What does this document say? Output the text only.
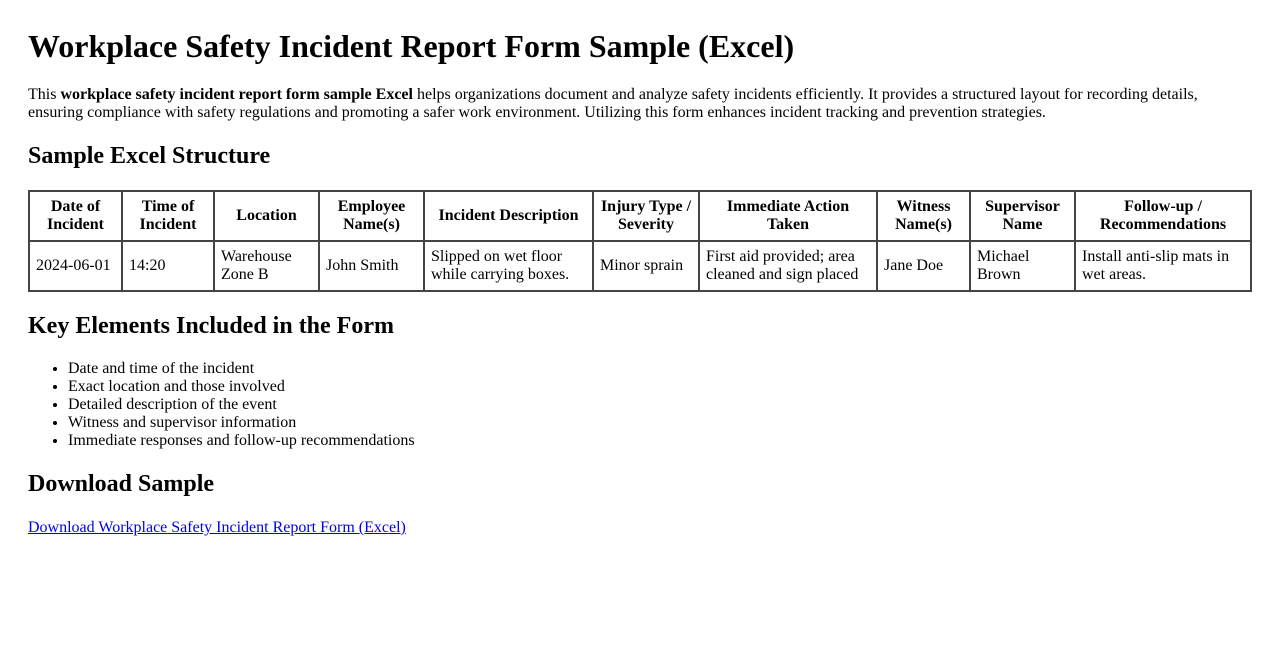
Workplace Safety Incident Report Form Sample (Excel)

This workplace safety incident report form sample Excel helps organizations document and analyze safety incidents efficiently. It provides a structured layout for recording details, ensuring compliance with safety regulations and promoting a safer work environment. Utilizing this form enhances incident tracking and prevention strategies.

Sample Excel Structure
Date of Incident	Time of Incident	Location	Employee Name(s)	Incident Description	Injury Type / Severity	Immediate Action Taken	Witness Name(s)	Supervisor Name	Follow-up / Recommendations
2024-06-01	14:20	Warehouse Zone B	John Smith	Slipped on wet floor while carrying boxes.	Minor sprain	First aid provided; area cleaned and sign placed	Jane Doe	Michael Brown	Install anti-slip mats in wet areas.
Key Elements Included in the Form
• Date and time of the incident
• Exact location and those involved
• Detailed description of the event
• Witness and supervisor information
• Immediate responses and follow-up recommendations
Download Sample

Download Workplace Safety Incident Report Form (Excel)
